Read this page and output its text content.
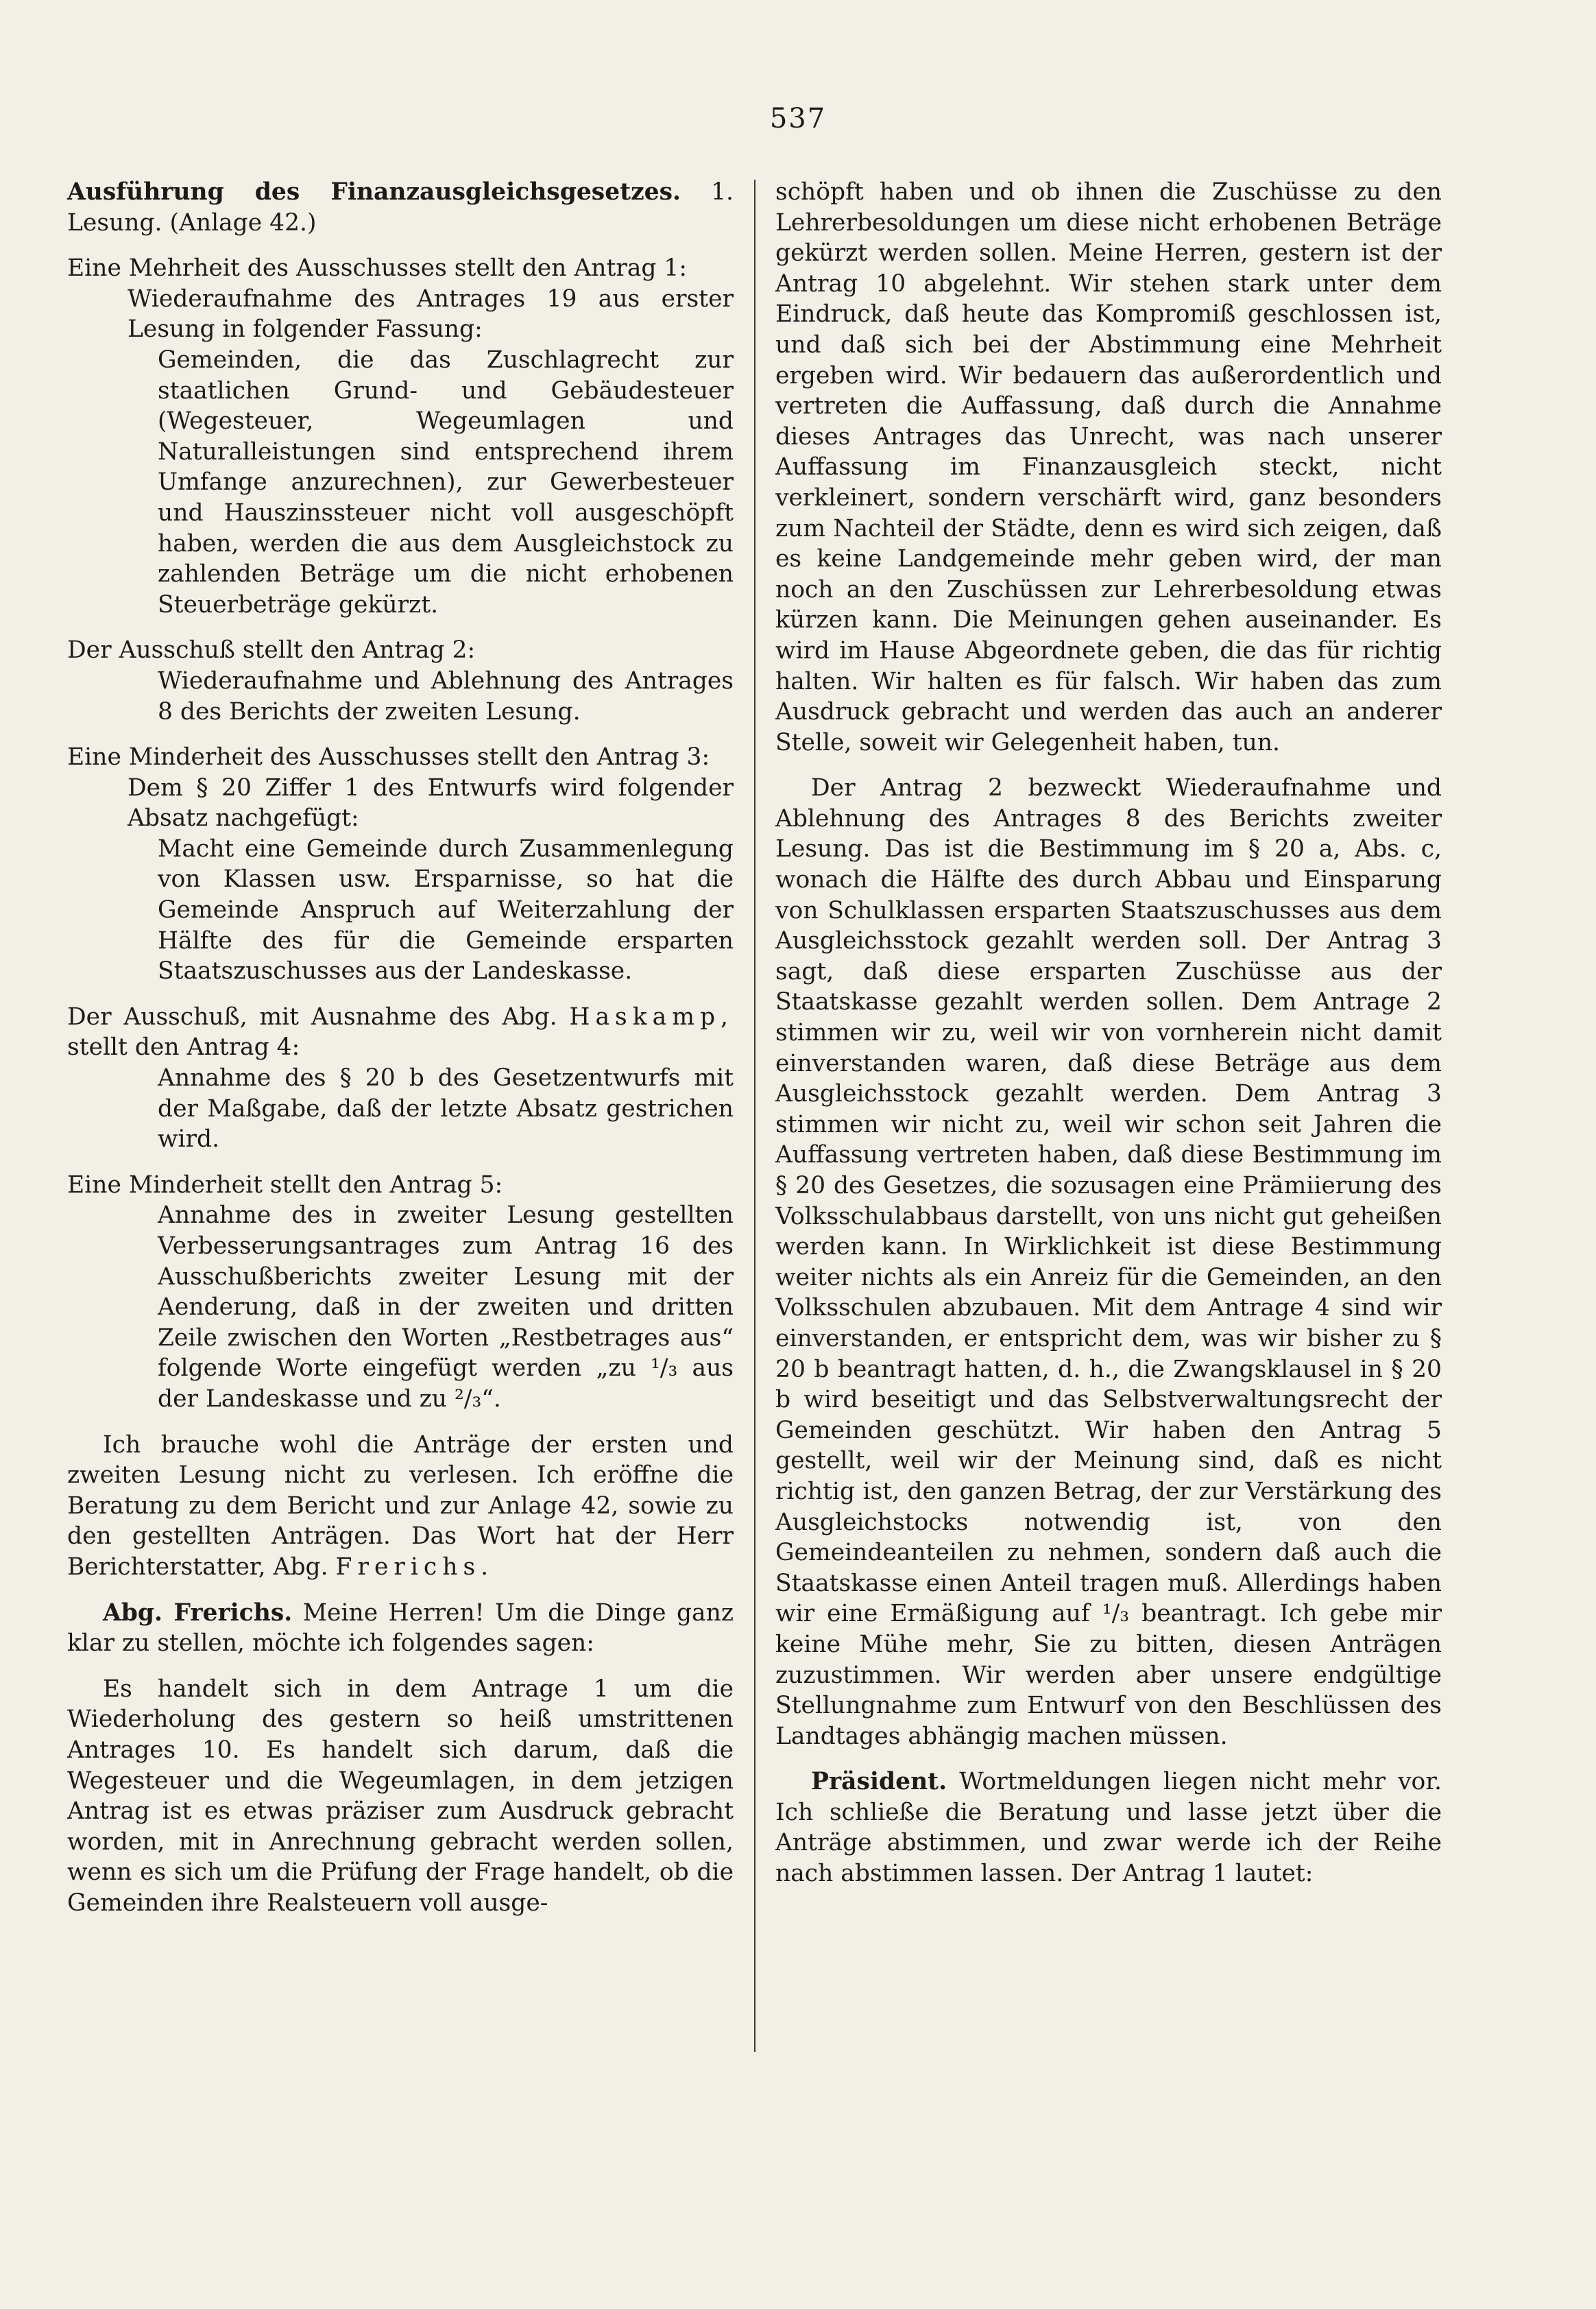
537

Ausführung des Finanzausgleichsgesetzes. 1. Lesung. (Anlage 42.)

Eine Mehrheit des Ausschusses stellt den Antrag 1:

Wiederaufnahme des Antrages 19 aus erster Lesung in folgender Fassung:

Gemeinden, die das Zuschlagrecht zur staatlichen Grund- und Gebäudesteuer (Wegesteuer, Wegeumlagen und Naturalleistungen sind entsprechend ihrem Umfange anzurechnen), zur Gewerbesteuer und Hauszinssteuer nicht voll ausgeschöpft haben, werden die aus dem Ausgleichstock zu zahlenden Beträge um die nicht erhobenen Steuerbeträge gekürzt.

Der Ausschuß stellt den Antrag 2:

Wiederaufnahme und Ablehnung des Antrages 8 des Berichts der zweiten Lesung.

Eine Minderheit des Ausschusses stellt den Antrag 3:

Dem § 20 Ziffer 1 des Entwurfs wird folgender Absatz nachgefügt:

Macht eine Gemeinde durch Zusammenlegung von Klassen usw. Ersparnisse, so hat die Gemeinde Anspruch auf Weiterzahlung der Hälfte des für die Gemeinde ersparten Staatszuschusses aus der Landeskasse.

Der Ausschuß, mit Ausnahme des Abg. Haskamp, stellt den Antrag 4:

Annahme des § 20 b des Gesetzentwurfs mit der Maßgabe, daß der letzte Absatz gestrichen wird.

Eine Minderheit stellt den Antrag 5:

Annahme des in zweiter Lesung gestellten Verbesserungsantrages zum Antrag 16 des Ausschußberichts zweiter Lesung mit der Aenderung, daß in der zweiten und dritten Zeile zwischen den Worten „Restbetrages aus“ folgende Worte eingefügt werden „zu ¹/₃ aus der Landeskasse und zu ²/₃“.

Ich brauche wohl die Anträge der ersten und zweiten Lesung nicht zu verlesen. Ich eröffne die Beratung zu dem Bericht und zur Anlage 42, sowie zu den gestellten Anträgen. Das Wort hat der Herr Berichterstatter, Abg. Frerichs.

Abg. Frerichs. Meine Herren! Um die Dinge ganz klar zu stellen, möchte ich folgendes sagen:

Es handelt sich in dem Antrage 1 um die Wiederholung des gestern so heiß umstrittenen Antrages 10. Es handelt sich darum, daß die Wegesteuer und die Wegeumlagen, in dem jetzigen Antrag ist es etwas präziser zum Ausdruck gebracht worden, mit in Anrechnung gebracht werden sollen, wenn es sich um die Prüfung der Frage handelt, ob die Gemeinden ihre Realsteuern voll ausge-

schöpft haben und ob ihnen die Zuschüsse zu den Lehrerbesoldungen um diese nicht erhobenen Beträge gekürzt werden sollen. Meine Herren, gestern ist der Antrag 10 abgelehnt. Wir stehen stark unter dem Eindruck, daß heute das Kompromiß geschlossen ist, und daß sich bei der Abstimmung eine Mehrheit ergeben wird. Wir bedauern das außerordentlich und vertreten die Auffassung, daß durch die Annahme dieses Antrages das Unrecht, was nach unserer Auffassung im Finanzausgleich steckt, nicht verkleinert, sondern verschärft wird, ganz besonders zum Nachteil der Städte, denn es wird sich zeigen, daß es keine Landgemeinde mehr geben wird, der man noch an den Zuschüssen zur Lehrerbesoldung etwas kürzen kann. Die Meinungen gehen auseinander. Es wird im Hause Abgeordnete geben, die das für richtig halten. Wir halten es für falsch. Wir haben das zum Ausdruck gebracht und werden das auch an anderer Stelle, soweit wir Gelegenheit haben, tun.

Der Antrag 2 bezweckt Wiederaufnahme und Ablehnung des Antrages 8 des Berichts zweiter Lesung. Das ist die Bestimmung im § 20 a, Abs. c, wonach die Hälfte des durch Abbau und Einsparung von Schulklassen ersparten Staatszuschusses aus dem Ausgleichsstock gezahlt werden soll. Der Antrag 3 sagt, daß diese ersparten Zuschüsse aus der Staatskasse gezahlt werden sollen. Dem Antrage 2 stimmen wir zu, weil wir von vornherein nicht damit einverstanden waren, daß diese Beträge aus dem Ausgleichsstock gezahlt werden. Dem Antrag 3 stimmen wir nicht zu, weil wir schon seit Jahren die Auffassung vertreten haben, daß diese Bestimmung im § 20 des Gesetzes, die sozusagen eine Prämiierung des Volksschulabbaus darstellt, von uns nicht gut geheißen werden kann. In Wirklichkeit ist diese Bestimmung weiter nichts als ein Anreiz für die Gemeinden, an den Volksschulen abzubauen. Mit dem Antrage 4 sind wir einverstanden, er entspricht dem, was wir bisher zu § 20 b beantragt hatten, d. h., die Zwangsklausel in § 20 b wird beseitigt und das Selbstverwaltungsrecht der Gemeinden geschützt. Wir haben den Antrag 5 gestellt, weil wir der Meinung sind, daß es nicht richtig ist, den ganzen Betrag, der zur Verstärkung des Ausgleichstocks notwendig ist, von den Gemeindeanteilen zu nehmen, sondern daß auch die Staatskasse einen Anteil tragen muß. Allerdings haben wir eine Ermäßigung auf ¹/₃ beantragt. Ich gebe mir keine Mühe mehr, Sie zu bitten, diesen Anträgen zuzustimmen. Wir werden aber unsere endgültige Stellungnahme zum Entwurf von den Beschlüssen des Landtages abhängig machen müssen.

Präsident. Wortmeldungen liegen nicht mehr vor. Ich schließe die Beratung und lasse jetzt über die Anträge abstimmen, und zwar werde ich der Reihe nach abstimmen lassen. Der Antrag 1 lautet:
